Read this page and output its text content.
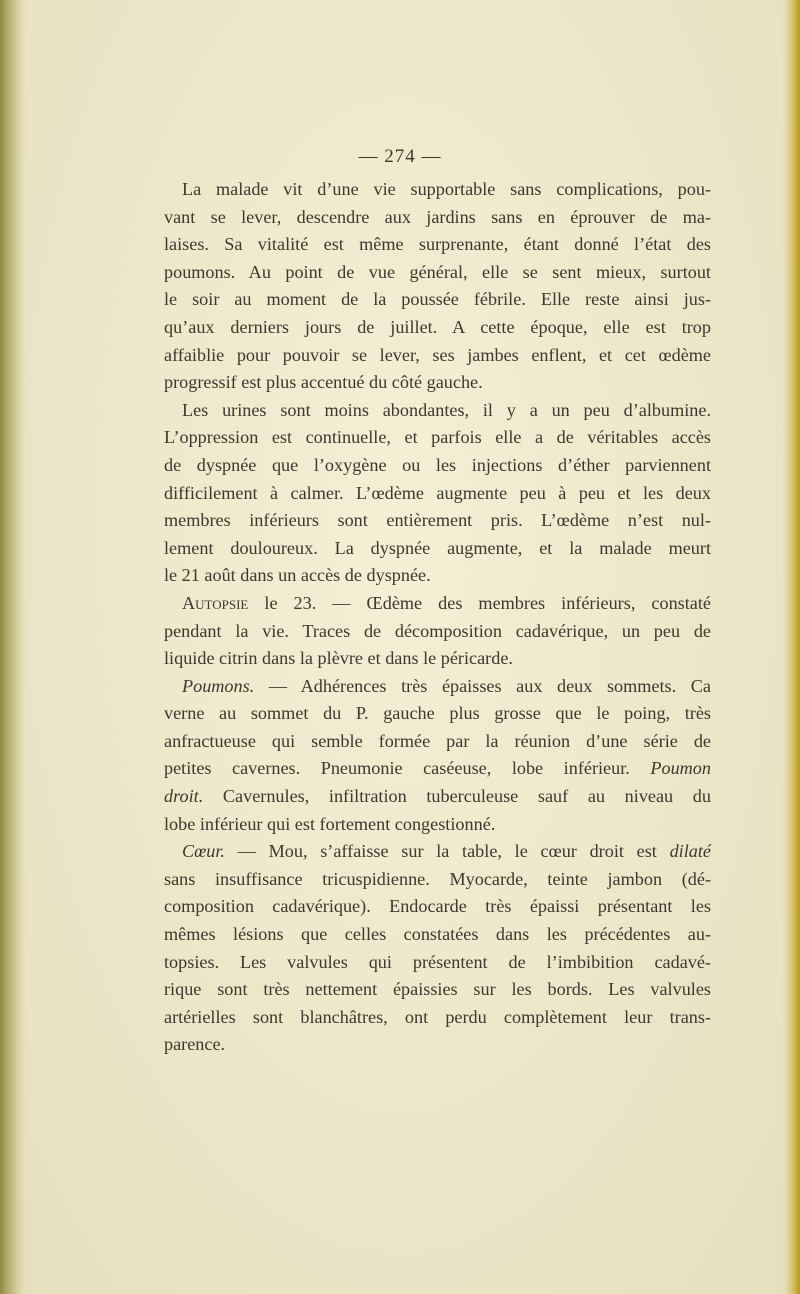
— 274 —
La malade vit d’une vie supportable sans complications, pou-
vant se lever, descendre aux jardins sans en éprouver de ma-
laises. Sa vitalité est même surprenante, étant donné l’état des
poumons. Au point de vue général, elle se sent mieux, surtout
le soir au moment de la poussée fébrile. Elle reste ainsi jus-
qu’aux derniers jours de juillet. A cette époque, elle est trop
affaiblie pour pouvoir se lever, ses jambes enflent, et cet œdème
progressif est plus accentué du côté gauche.
Les urines sont moins abondantes, il y a un peu d’albumine.
L’oppression est continuelle, et parfois elle a de véritables accès
de dyspnée que l’oxygène ou les injections d’éther parviennent
difficilement à calmer. L’œdème augmente peu à peu et les deux
membres inférieurs sont entièrement pris. L’œdème n’est nul-
lement douloureux. La dyspnée augmente, et la malade meurt
le 21 août dans un accès de dyspnée.
Autopsie le 23. — Œdème des membres inférieurs, constaté
pendant la vie. Traces de décomposition cadavérique, un peu de
liquide citrin dans la plèvre et dans le péricarde.
Poumons. — Adhérences très épaisses aux deux sommets. Ca
verne au sommet du P. gauche plus grosse que le poing, très
anfractueuse qui semble formée par la réunion d’une série de
petites cavernes. Pneumonie caséeuse, lobe inférieur. Poumon
droit. Cavernules, infiltration tuberculeuse sauf au niveau du
lobe inférieur qui est fortement congestionné.
Cœur. — Mou, s’affaisse sur la table, le cœur droit est dilaté
sans insuffisance tricuspidienne. Myocarde, teinte jambon (dé-
composition cadavérique). Endocarde très épaissi présentant les
mêmes lésions que celles constatées dans les précédentes au-
topsies. Les valvules qui présentent de l’imbibition cadavé-
rique sont très nettement épaissies sur les bords. Les valvules
artérielles sont blanchâtres, ont perdu complètement leur trans-
parence.
